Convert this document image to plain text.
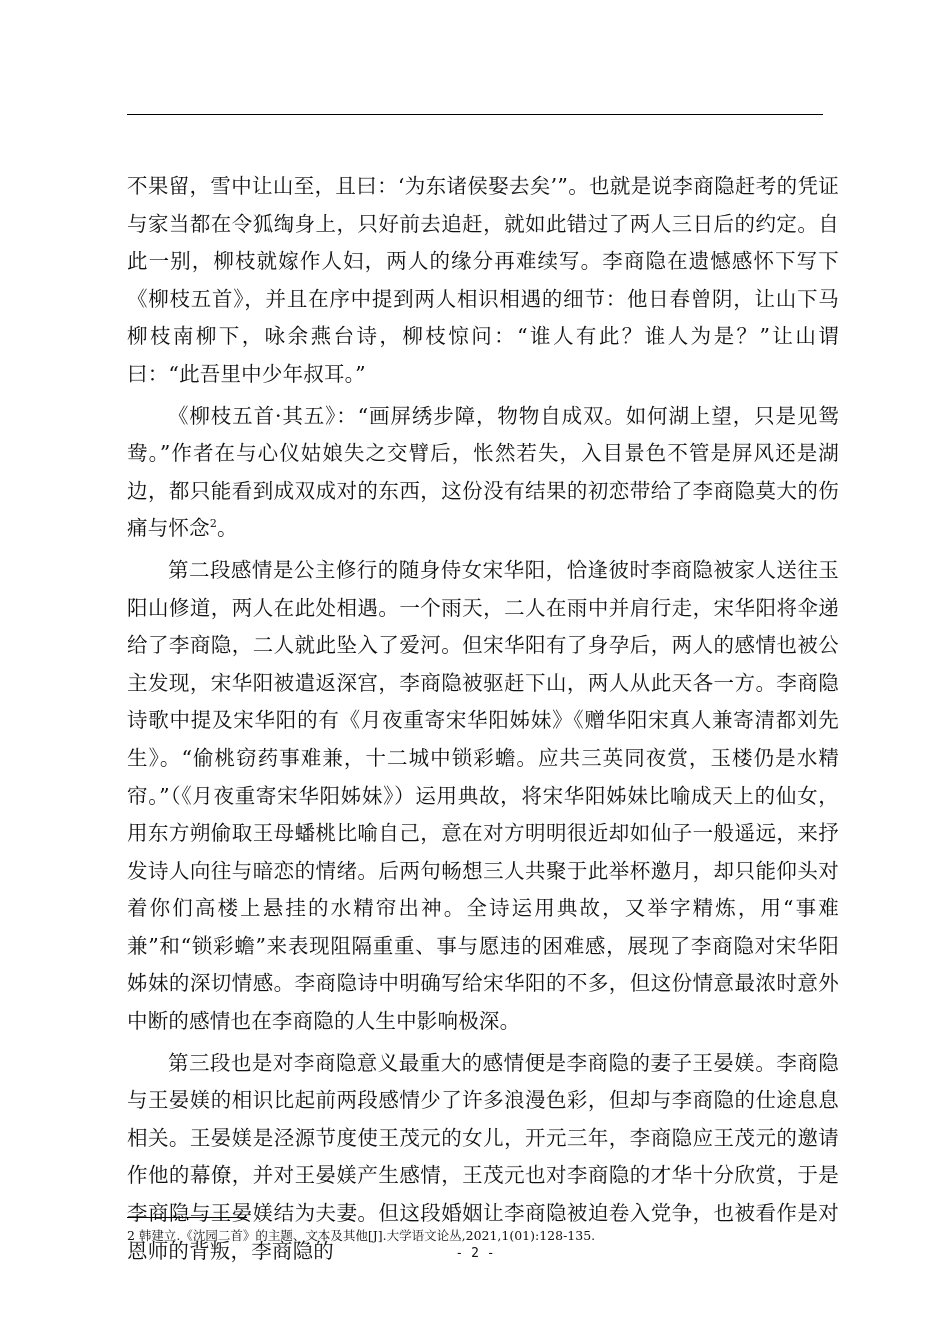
不果留，雪中让山至，且曰：‘为东诸侯娶去矣’”。也就是说李商隐赶考的凭证与家当都在令狐绹身上，只好前去追赶，就如此错过了两人三日后的约定。自此一别，柳枝就嫁作人妇，两人的缘分再难续写。李商隐在遗憾感怀下写下《柳枝五首》，并且在序中提到两人相识相遇的细节：他日春曾阴，让山下马柳枝南柳下，咏余燕台诗，柳枝惊问：“谁人有此？谁人为是？”让山谓曰：“此吾里中少年叔耳。”

《柳枝五首·其五》：“画屏绣步障，物物自成双。如何湖上望，只是见鸳鸯。”作者在与心仪姑娘失之交臂后，怅然若失，入目景色不管是屏风还是湖边，都只能看到成双成对的东西，这份没有结果的初恋带给了李商隐莫大的伤痛与怀念$^2$。

第二段感情是公主修行的随身侍女宋华阳，恰逢彼时李商隐被家人送往玉阳山修道，两人在此处相遇。一个雨天，二人在雨中并肩行走，宋华阳将伞递给了李商隐，二人就此坠入了爱河。但宋华阳有了身孕后，两人的感情也被公主发现，宋华阳被遣返深宫，李商隐被驱赶下山，两人从此天各一方。李商隐诗歌中提及宋华阳的有《月夜重寄宋华阳姊妹》《赠华阳宋真人兼寄清都刘先生》。“偷桃窃药事难兼，十二城中锁彩蟾。应共三英同夜赏，玉楼仍是水精帘。”（《月夜重寄宋华阳姊妹》）运用典故，将宋华阳姊妹比喻成天上的仙女，用东方朔偷取王母蟠桃比喻自己，意在对方明明很近却如仙子一般遥远，来抒发诗人向往与暗恋的情绪。后两句畅想三人共聚于此举杯邀月，却只能仰头对着你们高楼上悬挂的水精帘出神。全诗运用典故，又举字精炼，用“事难兼”和“锁彩蟾”来表现阻隔重重、事与愿违的困难感，展现了李商隐对宋华阳姊妹的深切情感。李商隐诗中明确写给宋华阳的不多，但这份情意最浓时意外中断的感情也在李商隐的人生中影响极深。

第三段也是对李商隐意义最重大的感情便是李商隐的妻子王晏媄。李商隐与王晏媄的相识比起前两段感情少了许多浪漫色彩，但却与李商隐的仕途息息相关。王晏媄是泾源节度使王茂元的女儿，开元三年，李商隐应王茂元的邀请作他的幕僚，并对王晏媄产生感情，王茂元也对李商隐的才华十分欣赏，于是李商隐与王晏媄结为夫妻。但这段婚姻让李商隐被迫卷入党争，也被看作是对恩师的背叛，李商隐的

2 韩建立.《沈园二首》的主题、文本及其他[J].大学语文论丛,2021,1(01):128-135.
- 2 -
